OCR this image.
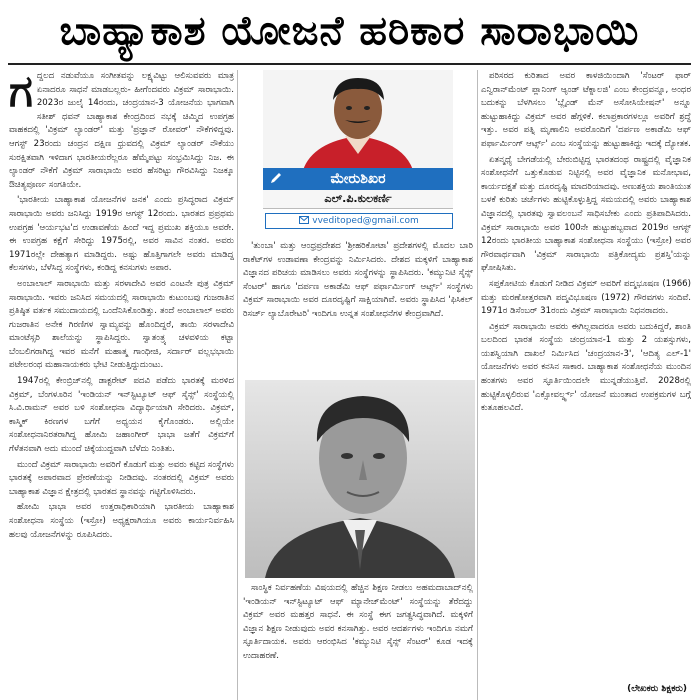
ಬಾಹ್ಯಾಕಾಶ ಯೋಜನೆ ಹರಿಕಾರ ಸಾರಾಭಾಯಿ

ಗದ್ದಲದ ನಡುವೆಯೂ ಸಂಗೀತವನ್ನು ಲಕ್ಷ್ಯವಿಟ್ಟು ಆಲಿಸುವವರು ಮಾತ್ರ ಏನಾದರೂ ಸಾಧನೆ ಮಾಡಬಲ್ಲರು- ಹೀಗೆಂದವರು ವಿಕ್ರಮ್ ಸಾರಾಭಾಯಿ. 2023ರ ಜುಲೈ 14ರಂದು, ಚಂದ್ರಯಾನ-3 ಯೋಜನೆಯ ಭಾಗವಾಗಿ ಸತೀಶ್ ಧವನ್ ಬಾಹ್ಯಾಕಾಶ ಕೇಂದ್ರದಿಂದ ನಭಕ್ಕೆ ಚಿಮ್ಮಿದ ಉಪಗ್ರಹ ವಾಹಕದಲ್ಲಿ 'ವಿಕ್ರಮ್ ಲ್ಯಾಂಡರ್' ಮತ್ತು 'ಪ್ರಜ್ಞಾನ್ ರೋವರ್' ನೌಕೆಗಳಿದ್ದವು. ಆಗಸ್ಟ್ 23ರಂದು ಚಂದ್ರನ ದಕ್ಷಿಣ ಧ್ರುವದಲ್ಲಿ ವಿಕ್ರಮ್ ಲ್ಯಾಂಡರ್ ನೌಕೆಯು ಸುರಕ್ಷಿತವಾಗಿ ಇಳಿದಾಗ ಭಾರತೀಯರೆಲ್ಲರೂ ಹೆಮ್ಮೆಪಟ್ಟು ಸಂಭ್ರಮಿಸಿದ್ದು ನಿಜ. ಈ ಲ್ಯಾಂಡರ್ ನೌಕೆಗೆ ವಿಕ್ರಮ್ ಸಾರಾಭಾಯಿ ಅವರ ಹೆಸರಿಟ್ಟು ಗೌರವಿಸಿದ್ದು ನಿಜಕ್ಕೂ ಔಚಿತ್ಯಪೂರ್ಣ ಸಂಗತಿಯೇ.

'ಭಾರತೀಯ ಬಾಹ್ಯಾಕಾಶ ಯೋಜನೆಗಳ ಜನಕ' ಎಂದು ಪ್ರಸಿದ್ಧರಾದ ವಿಕ್ರಮ್ ಸಾರಾಭಾಯಿ ಅವರು ಜನಿಸಿದ್ದು 1919ರ ಆಗಸ್ಟ್ 12ರಂದು. ಭಾರತದ ಪ್ರಪ್ರಥಮ ಉಪಗ್ರಹ 'ಆರ್ಯಭಟ'ದ ಉಡಾವಣೆಯ ಹಿಂದೆ ಇದ್ದ ಪ್ರಮುಖ ಶಕ್ತಿಯೂ ಅವರೇ. ಈ ಉಪಗ್ರಹ ಕಕ್ಷೆಗೆ ಸೇರಿದ್ದು 1975ರಲ್ಲಿ, ಅವರ ಸಾವಿನ ನಂತರ. ಅವರು 1971ರಲ್ಲೇ ದೇಹತ್ಯಾಗ ಮಾಡಿದ್ದರು. ಅಷ್ಟು ಹೊತ್ತಿಗಾಗಲೇ ಅವರು ಮಾಡಿದ್ದ ಕೆಲಸಗಳು, ಬೆಳೆಸಿದ್ದ ಸಂಸ್ಥೆಗಳು, ಕಂಡಿದ್ದ ಕನಸುಗಳು ಅಪಾರ.

ಅಂಬಾಲಾಲ್ ಸಾರಾಭಾಯಿ ಮತ್ತು ಸರಳಾದೇವಿ ಅವರ ಎಂಟನೇ ಪುತ್ರ ವಿಕ್ರಮ್ ಸಾರಾಭಾಯಿ. ಇವರು ಜನಿಸಿದ ಸಮಯದಲ್ಲಿ ಸಾರಾಭಾಯಿ ಕುಟುಂಬವು ಗುಜರಾತಿನ ಪ್ರತಿಷ್ಠಿತ ವರ್ತಕ ಸಮುದಾಯದಲ್ಲಿ ಒಂದೆನಿಸಿಕೊಂಡಿತ್ತು. ತಂದೆ ಅಂಬಾಲಾಲ್ ಅವರು ಗುಜರಾತಿನ ಅನೇಕ ಗಿರಣಿಗಳ ಸ್ವಾಮ್ಯವನ್ನು ಹೊಂದಿದ್ದರೆ, ತಾಯಿ ಸರಳಾದೇವಿ ಮಾಂಟೆಸ್ಸರಿ ಶಾಲೆಯನ್ನು ಸ್ಥಾಪಿಸಿದ್ದರು. ಸ್ವಾತಂತ್ರ್ಯ ಚಳವಳಿಯ ಕಟ್ಟಾ ಬೆಂಬಲಿಗರಾಗಿದ್ದ ಇವರ ಮನೆಗೆ ಮಹಾತ್ಮ ಗಾಂಧೀಜಿ, ಸರ್ದಾರ್ ವಲ್ಲಭಭಾಯಿ ಪಟೇಲರಂಥ ಮಹಾನಾಯಕರು ಭೇಟಿ ನೀಡುತ್ತಿದ್ದುದುಂಟು.

1947ರಲ್ಲಿ ಕೇಂಬ್ರಿಜ್‌ನಲ್ಲಿ ಡಾಕ್ಟರೇಟ್ ಪದವಿ ಪಡೆದು ಭಾರತಕ್ಕೆ ಮರಳಿದ ವಿಕ್ರಮ್, ಬೆಂಗಳೂರಿನ 'ಇಂಡಿಯನ್ ಇನ್‌ಸ್ಟಿಟ್ಯೂಟ್ ಆಫ್ ಸೈನ್ಸ್' ಸಂಸ್ಥೆಯಲ್ಲಿ ಸಿ.ವಿ.ರಾಮನ್ ಅವರ ಬಳಿ ಸಂಶೋಧನಾ ವಿದ್ಯಾರ್ಥಿಯಾಗಿ ಸೇರಿದರು. ವಿಕ್ರಮ್, ಕಾಸ್ಮಿಕ್ ಕಿರಣಗಳ ಬಗೆಗೆ ಅಧ್ಯಯನ ಕೈಗೊಂಡರು. ಅಲ್ಲಿಯೇ ಸಂಶೋಧನಾನಿರತರಾಗಿದ್ದ ಹೋಮಿ ಜಹಾಂಗೀರ್ ಭಾಭಾ ಜತೆಗೆ ವಿಕ್ರಮ್‌ಗೆ ಗೆಳೆತನವಾಗಿ ಅದು ಮುಂದೆ ಚಿಕ್ಕೆಯುದ್ದವಾಗಿ ಬೆಳೆದು ನಿಂತಿತು.

ಮುಂದೆ ವಿಕ್ರಮ್ ಸಾರಾಭಾಯಿ ಅವರಿಗೆ ಕೊಡುಗೆ ಮತ್ತು ಅವರು ಕಟ್ಟಿದ ಸಂಸ್ಥೆಗಳು ಭಾರತಕ್ಕೆ ಅಪಾರವಾದ ಪ್ರೇರಣೆಯನ್ನು ನೀಡಿದವು. ನಂತರದಲ್ಲಿ ವಿಕ್ರಮ್ ಅವರು ಬಾಹ್ಯಾಕಾಶ ವಿಜ್ಞಾನ ಕ್ಷೇತ್ರದಲ್ಲಿ ಭಾರತದ ಸ್ಥಾನವನ್ನು ಗಟ್ಟಿಗೊಳಿಸಿದರು.

ಹೋಮಿ ಭಾಭಾ ಅವರ ಉತ್ತರಾಧಿಕಾರಿಯಾಗಿ ಭಾರತೀಯ ಬಾಹ್ಯಾಕಾಶ ಸಂಶೋಧನಾ ಸಂಸ್ಥೆಯ (ಇಸ್ರೋ) ಅಧ್ಯಕ್ಷರಾಗಿಯೂ ಅವರು ಕಾರ್ಯನಿರ್ವಹಿಸಿ ಹಲವು ಯೋಜನೆಗಳನ್ನು ರೂಪಿಸಿದರು.

ಮೇರುಶಿಖರ
ಎಲ್.ಪಿ.ಕುಲಕರ್ಣಿ
vveditoped@gmail.com

'ತುಂಬಾ' ಮತ್ತು ಆಂಧ್ರಪ್ರದೇಶದ 'ಶ್ರೀಹರಿಕೋಟಾ' ಪ್ರದೇಶಗಳಲ್ಲಿ ಮೊದಲ ಬಾರಿ ರಾಕೆಟ್‌ಗಳ ಉಡಾವಣಾ ಕೇಂದ್ರವನ್ನು ನಿರ್ಮಿಸಿದರು. ದೇಶದ ಮಕ್ಕಳಿಗೆ ಬಾಹ್ಯಾಕಾಶ ವಿಜ್ಞಾನದ ಪರಿಚಯ ಮಾಡಿಸಲು ಅವರು ಸಂಸ್ಥೆಗಳನ್ನು ಸ್ಥಾಪಿಸಿದರು. 'ಕಮ್ಯುನಿಟಿ ಸೈನ್ಸ್ ಸೆಂಟರ್' ಹಾಗೂ 'ದರ್ಪಣ ಅಕಾಡೆಮಿ ಆಫ್ ಪರ್ಫಾರ್ಮಿಂಗ್ ಆರ್ಟ್ಸ್' ಸಂಸ್ಥೆಗಳು ವಿಕ್ರಮ್ ಸಾರಾಭಾಯಿ ಅವರ ದೂರದೃಷ್ಟಿಗೆ ಸಾಕ್ಷಿಯಾಗಿವೆ. ಅವರು ಸ್ಥಾಪಿಸಿದ 'ಫಿಸಿಕಲ್ ರಿಸರ್ಚ್ ಲ್ಯಾಬೊರೇಟರಿ' ಇಂದಿಗೂ ಉನ್ನತ ಸಂಶೋಧನೆಗಳ ಕೇಂದ್ರವಾಗಿದೆ.

ಸಾಂಸ್ಥಿಕ ನಿರ್ವಹಣೆಯ ವಿಷಯದಲ್ಲಿ ಹೆಚ್ಚಿನ ಶಿಕ್ಷಣ ನೀಡಲು ಅಹಮದಾಬಾದ್‌ನಲ್ಲಿ 'ಇಂಡಿಯನ್ ಇನ್‌ಸ್ಟಿಟ್ಯೂಟ್ ಆಫ್ ಮ್ಯಾನೇಜ್‌ಮೆಂಟ್' ಸಂಸ್ಥೆಯನ್ನು ತೆರೆದದ್ದು ವಿಕ್ರಮ್ ಅವರ ಮಹತ್ತರ ಸಾಧನೆ. ಈ ಸಂಸ್ಥೆ ಈಗ ಜಗತ್ಪ್ರಸಿದ್ಧವಾಗಿದೆ. ಮಕ್ಕಳಿಗೆ ವಿಜ್ಞಾನ ಶಿಕ್ಷಣ ನೀಡುವುದು ಅವರ ಕನಸಾಗಿತ್ತು. ಅವರ ಆದರ್ಶಗಳು ಇಂದಿಗೂ ನಮಗೆ ಸ್ಫೂರ್ತಿದಾಯಕ. ಅವರು ಆರಂಭಿಸಿದ 'ಕಮ್ಯುನಿಟಿ ಸೈನ್ಸ್ ಸೆಂಟರ್' ಕೂಡ ಇದಕ್ಕೆ ಉದಾಹರಣೆ.

ಪರಿಸರದ ಕುರಿತಾದ ಅವರ ಕಾಳಜಿಯಿಂದಾಗಿ 'ಸೆಂಟರ್ ಫಾರ್ ಎನ್ವಿರಾನ್‌ಮೆಂಟ್ ಪ್ಲಾನಿಂಗ್ ಆ್ಯಂಡ್ ಟೆಕ್ನಾಲಜಿ' ಎಂಬ ಕೇಂದ್ರವನ್ನೂ, ಅಂಧರ ಬದುಕನ್ನು ಬೆಳಗಿಸಲು 'ಬ್ಲೈಂಡ್ ಮೆನ್ ಅಸೋಸಿಯೇಷನ್' ಅನ್ನೂ ಹುಟ್ಟುಹಾಕಿದ್ದು ವಿಕ್ರಮ್ ಅವರ ಹೆಗ್ಗಳಿಕೆ. ಕಲಾಪ್ರಕಾರಗಳಲ್ಲೂ ಅವರಿಗೆ ಶ್ರದ್ಧೆ ಇತ್ತು. ಅವರ ಪತ್ನಿ ಮೃಣಾಲಿನಿ ಅವರೊಂದಿಗೆ 'ದರ್ಪಣ ಅಕಾಡೆಮಿ ಆಫ್ ಪರ್ಫಾರ್ಮಿಂಗ್ ಆರ್ಟ್ಸ್' ಎಂಬ ಸಂಸ್ಥೆಯನ್ನು ಹುಟ್ಟುಹಾಕಿದ್ದು ಇದಕ್ಕೆ ದ್ಯೋತಕ.

ಏತನ್ಮಧ್ಯೆ ಬೇಗಡೆಯಲ್ಲಿ ಬೇರುಬಿಟ್ಟಿದ್ದ ಭಾರತದಂಥ ರಾಷ್ಟ್ರದಲ್ಲಿ ವೈಜ್ಞಾನಿಕ ಸಂಶೋಧನೆಗೆ ಒತ್ತುಕೊಡುವ ನಿಟ್ಟಿನಲ್ಲಿ ಅವರ ವೈಜ್ಞಾನಿಕ ಮನೋಭಾವ, ಕಾರ್ಯದಕ್ಷತೆ ಮತ್ತು ದೂರದೃಷ್ಟಿ ಮಾದರಿಯಾದವು. ಅಣುಶಕ್ತಿಯ ಶಾಂತಿಯುತ ಬಳಕೆ ಕುರಿತು ಚರ್ಚೆಗಳು ಹುಟ್ಟಿಕೊಳ್ಳುತ್ತಿದ್ದ ಸಮಯದಲ್ಲಿ ಅವರು ಬಾಹ್ಯಾಕಾಶ ವಿಜ್ಞಾನದಲ್ಲಿ ಭಾರತವು ಸ್ವಾವಲಂಬನೆ ಸಾಧಿಸಬೇಕು ಎಂದು ಪ್ರತಿಪಾದಿಸಿದರು. ವಿಕ್ರಮ್ ಸಾರಾಭಾಯಿ ಅವರ 100ನೇ ಹುಟ್ಟುಹಬ್ಬವಾದ 2019ರ ಆಗಸ್ಟ್ 12ರಂದು ಭಾರತೀಯ ಬಾಹ್ಯಾಕಾಶ ಸಂಶೋಧನಾ ಸಂಸ್ಥೆಯು (ಇಸ್ರೋ) ಅವರ ಗೌರವಾರ್ಥವಾಗಿ 'ವಿಕ್ರಮ್ ಸಾರಾಭಾಯಿ ಪತ್ರಿಕೋದ್ಯಮ ಪ್ರಶಸ್ತಿ'ಯನ್ನು ಘೋಷಿಸಿತು.

ಸಪ್ತಕೋಟಿಯ ಕೊಡುಗೆ ನೀಡಿದ ವಿಕ್ರಮ್ ಅವರಿಗೆ ಪದ್ಮಭೂಷಣ (1966) ಮತ್ತು ಮರಣೋತ್ತರವಾಗಿ ಪದ್ಮವಿಭೂಷಣ (1972) ಗೌರವಗಳು ಸಂದಿವೆ. 1971ರ ಡಿಸೆಂಬರ್ 31ರಂದು ವಿಕ್ರಮ್ ಸಾರಾಭಾಯಿ ನಿಧನರಾದರು.

ವಿಕ್ರಮ್ ಸಾರಾಭಾಯಿ ಅವರು ಈಗಿಲ್ಲವಾದರೂ ಅವರು ಬದುಕಿದ್ದರೆ, ಶಾಂತಿ ಬಲದಿಂದ ಭಾರತ ಸಂಸ್ಥೆಯ ಚಂದ್ರಯಾನ-1 ಮತ್ತು 2 ಯಶಸ್ಸುಗಳು, ಯಶಸ್ವಿಯಾಗಿ ದಾಖಲೆ ನಿರ್ಮಿಸಿದ 'ಚಂದ್ರಯಾನ-3', 'ಆದಿತ್ಯ ಎಲ್-1' ಯೋಜನೆಗಳು ಅವರ ಕನಸಿನ ಸಾಕಾರ. ಬಾಹ್ಯಾಕಾಶ ಸಂಶೋಧನೆಯ ಮುಂದಿನ ಹಂತಗಳು ಅವರ ಸ್ಫೂರ್ತಿಯಿಂದಲೇ ಮುನ್ನಡೆಯುತ್ತಿವೆ. 2028ರಲ್ಲಿ ಹುಟ್ಟಿಕೊಳ್ಳಲಿರುವ 'ಎಕ್ಸೋವರ್ಲ್ಡ್ಸ್' ಯೋಜನೆ ಮುಂತಾದ ಉಪಕ್ರಮಗಳ ಬಗ್ಗೆ ಕುತೂಹಲವಿದೆ.

(ಲೇಖಕರು ಶಿಕ್ಷಕರು)
